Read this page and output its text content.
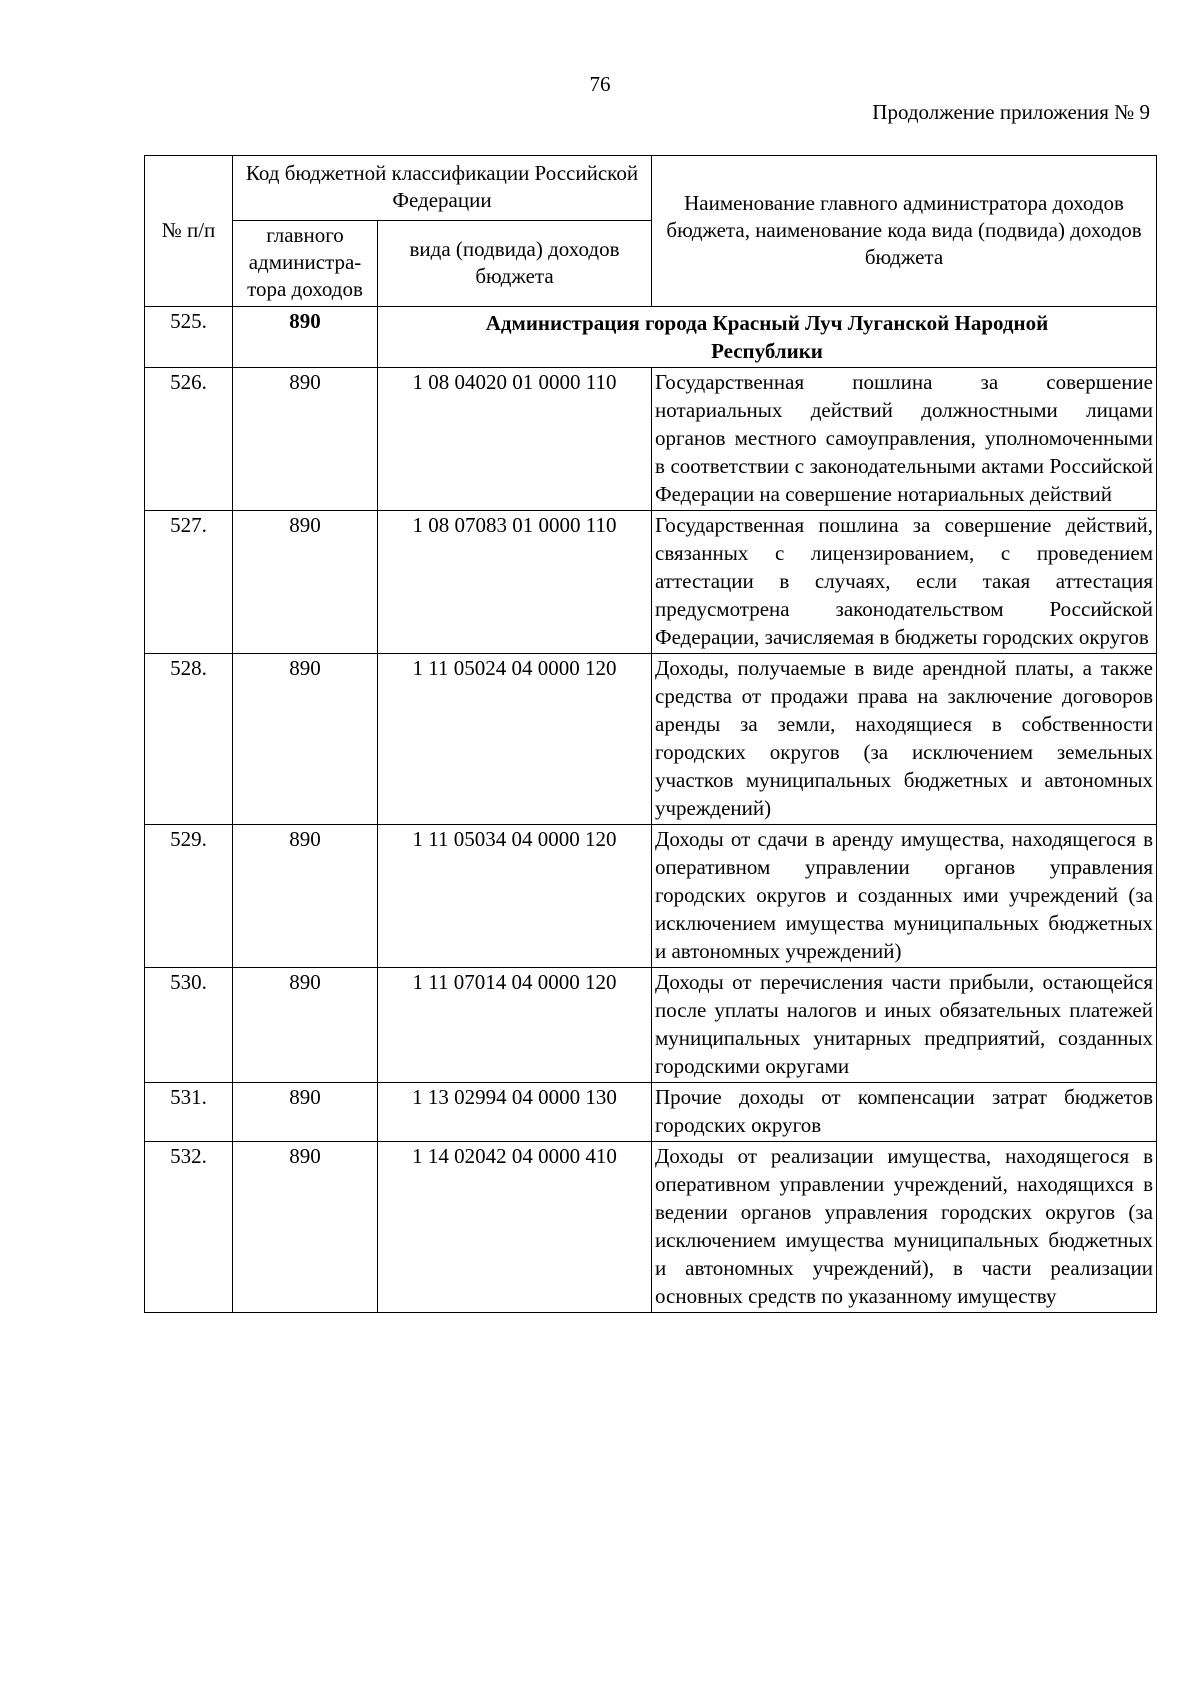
76
Продолжение приложения № 9
№ п/п	Код бюджетной классификации Российской Федерации		Наименование главного администратора доходов бюджета, наименование кода вида (подвида) доходов бюджета
	главного администра-тора доходов	вида (подвида) доходов бюджета	
525.	890	Администрация города Красный Луч Луганской Народной Республики	
526.	890	1 08 04020 01 0000 110	Государственная пошлина за совершение нотариальных действий должностными лицами органов местного самоуправления, уполномоченными в соответствии с законодательными актами Российской Федерации на совершение нотариальных действий
527.	890	1 08 07083 01 0000 110	Государственная пошлина за совершение действий, связанных с лицензированием, с проведением аттестации в случаях, если такая аттестация предусмотрена законодательством Российской Федерации, зачисляемая в бюджеты городских округов
528.	890	1 11 05024 04 0000 120	Доходы, получаемые в виде арендной платы, а также средства от продажи права на заключение договоров аренды за земли, находящиеся в собственности городских округов (за исключением земельных участков муниципальных бюджетных и автономных учреждений)
529.	890	1 11 05034 04 0000 120	Доходы от сдачи в аренду имущества, находящегося в оперативном управлении органов управления городских округов и созданных ими учреждений (за исключением имущества муниципальных бюджетных и автономных учреждений)
530.	890	1 11 07014 04 0000 120	Доходы от перечисления части прибыли, остающейся после уплаты налогов и иных обязательных платежей муниципальных унитарных предприятий, созданных городскими округами
531.	890	1 13 02994 04 0000 130	Прочие доходы от компенсации затрат бюджетов городских округов
532.	890	1 14 02042 04 0000 410	Доходы от реализации имущества, находящегося в оперативном управлении учреждений, находящихся в ведении органов управления городских округов (за исключением имущества муниципальных бюджетных и автономных учреждений), в части реализации основных средств по указанному имуществу
